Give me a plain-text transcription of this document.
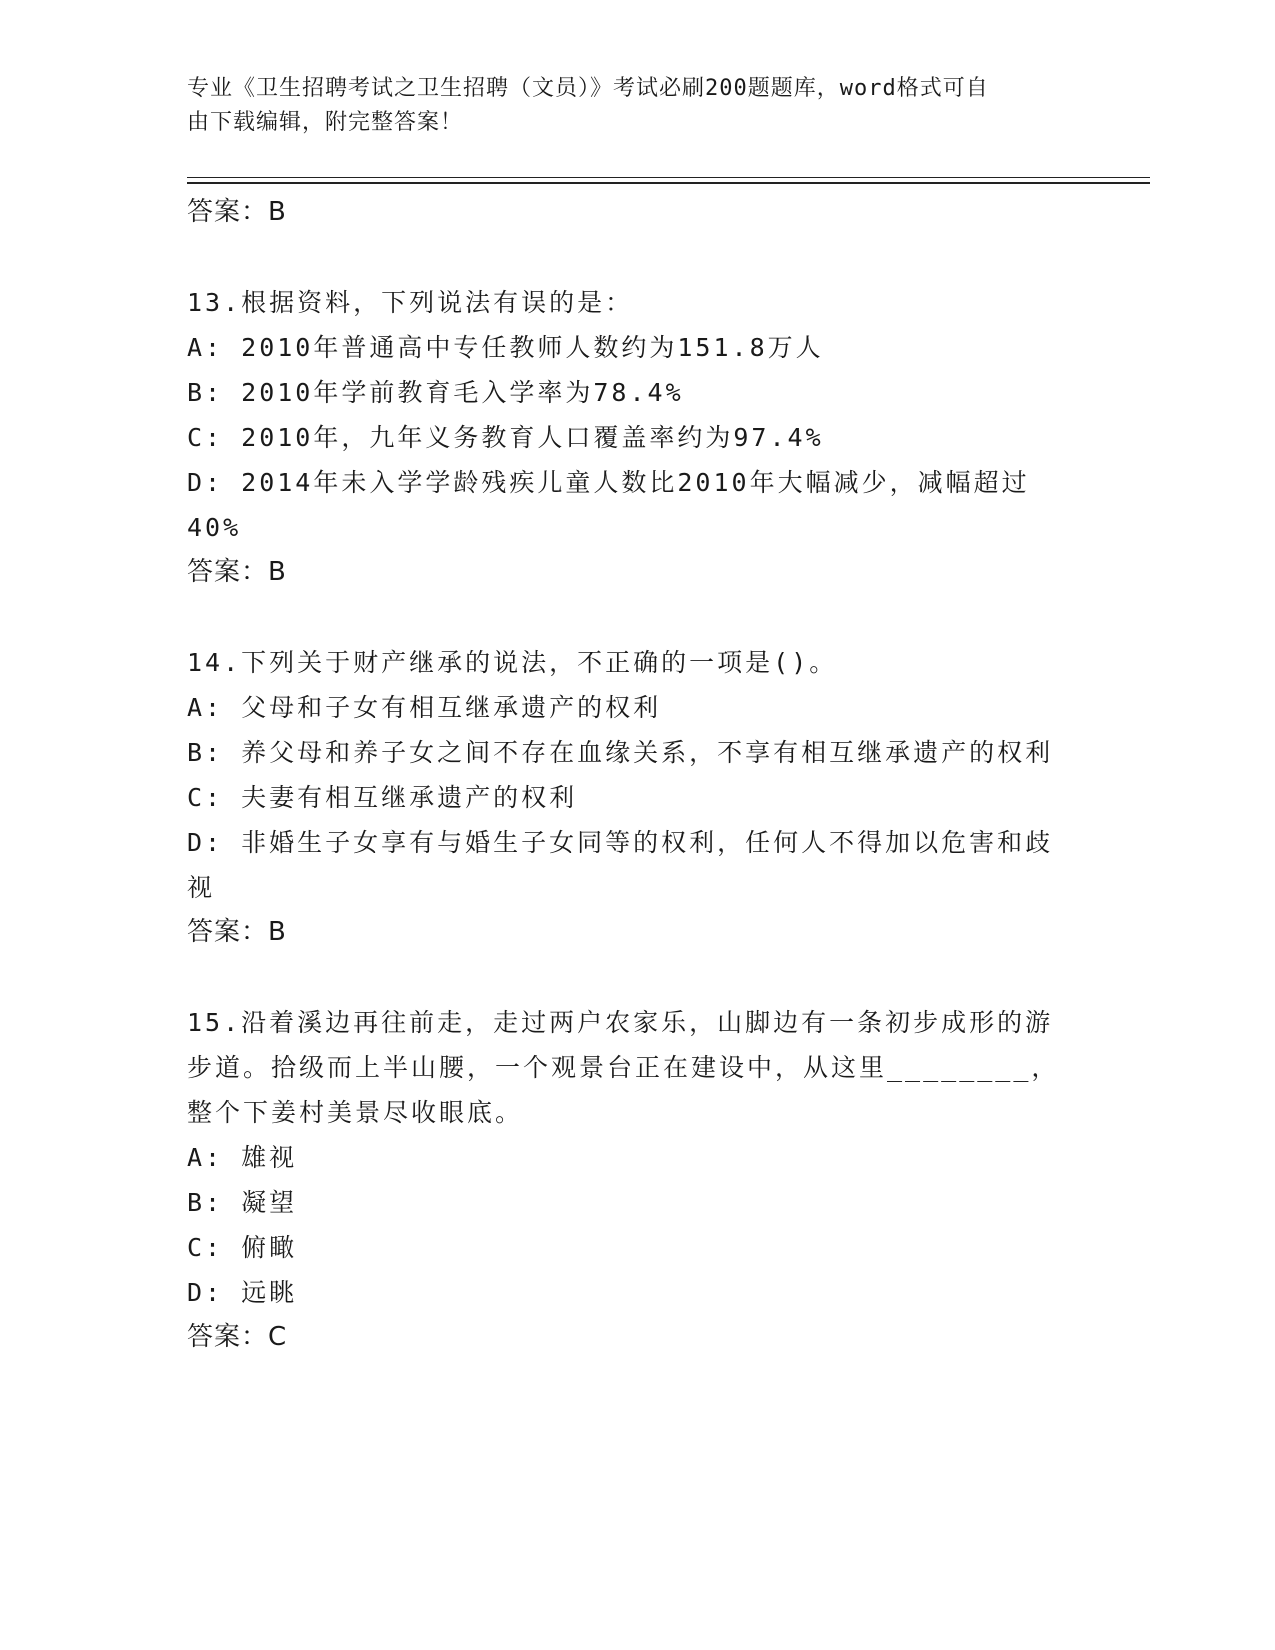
专业《卫生招聘考试之卫生招聘（文员）》考试必刷200题题库，word格式可自
由下载编辑，附完整答案！
答案：B
13.根据资料，下列说法有误的是：
A: 2010年普通高中专任教师人数约为151.8万人
B: 2010年学前教育毛入学率为78.4%
C: 2010年，九年义务教育人口覆盖率约为97.4%
D: 2014年未入学学龄残疾儿童人数比2010年大幅减少，减幅超过
40%
答案：B
14.下列关于财产继承的说法，不正确的一项是()。
A: 父母和子女有相互继承遗产的权利
B: 养父母和养子女之间不存在血缘关系，不享有相互继承遗产的权利
C: 夫妻有相互继承遗产的权利
D: 非婚生子女享有与婚生子女同等的权利，任何人不得加以危害和歧
视
答案：B
15.沿着溪边再往前走，走过两户农家乐，山脚边有一条初步成形的游
步道。拾级而上半山腰，一个观景台正在建设中，从这里________，
整个下姜村美景尽收眼底。
A: 雄视
B: 凝望
C: 俯瞰
D: 远眺
答案：C
